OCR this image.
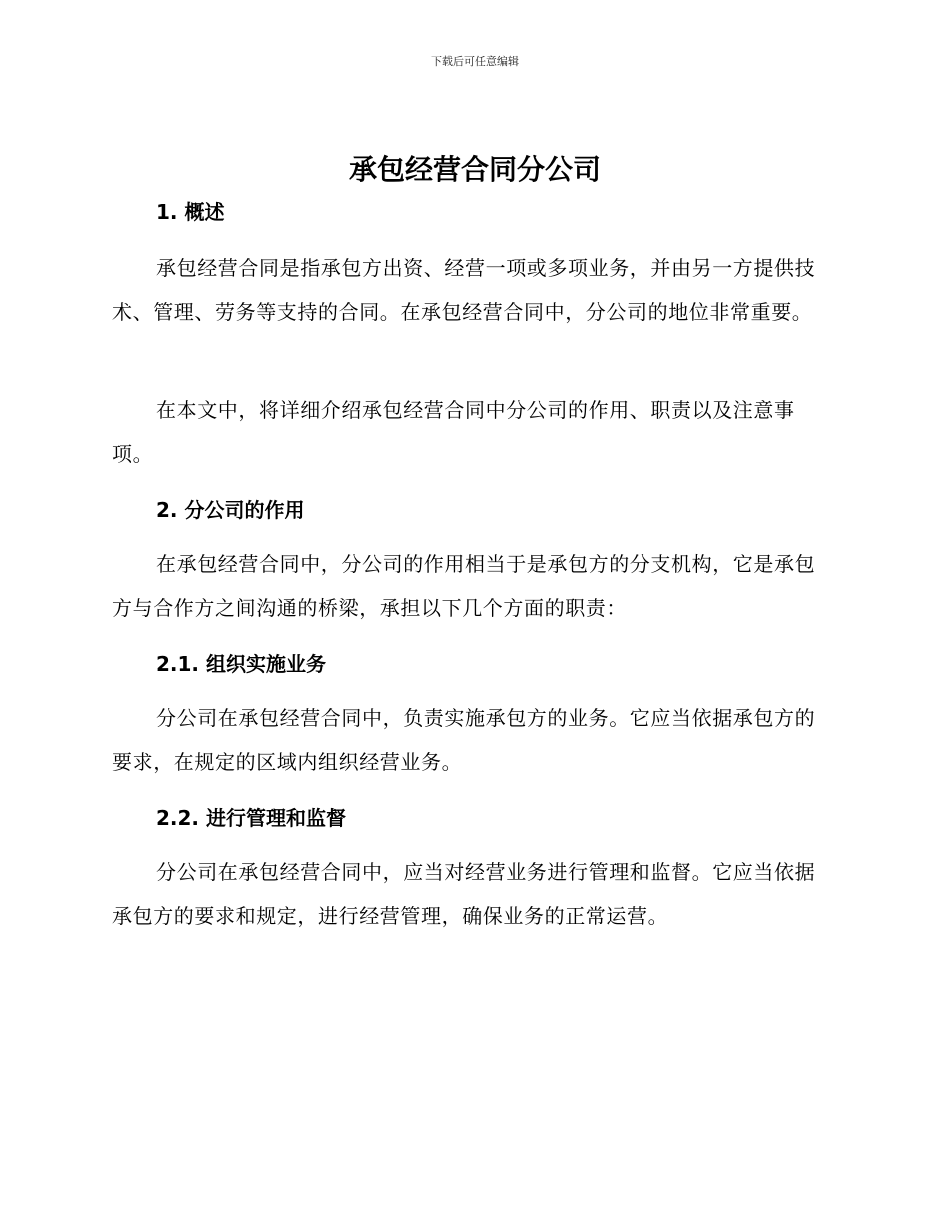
下载后可任意编辑
承包经营合同分公司
1. 概述

承包经营合同是指承包方出资、经营一项或多项业务，并由另一方提供技术、管理、劳务等支持的合同。在承包经营合同中，分公司的地位非常重要。

在本文中，将详细介绍承包经营合同中分公司的作用、职责以及注意事项。

2. 分公司的作用

在承包经营合同中，分公司的作用相当于是承包方的分支机构，它是承包方与合作方之间沟通的桥梁，承担以下几个方面的职责：

2.1. 组织实施业务

分公司在承包经营合同中，负责实施承包方的业务。它应当依据承包方的要求，在规定的区域内组织经营业务。

2.2. 进行管理和监督

分公司在承包经营合同中，应当对经营业务进行管理和监督。它应当依据承包方的要求和规定，进行经营管理，确保业务的正常运营。
